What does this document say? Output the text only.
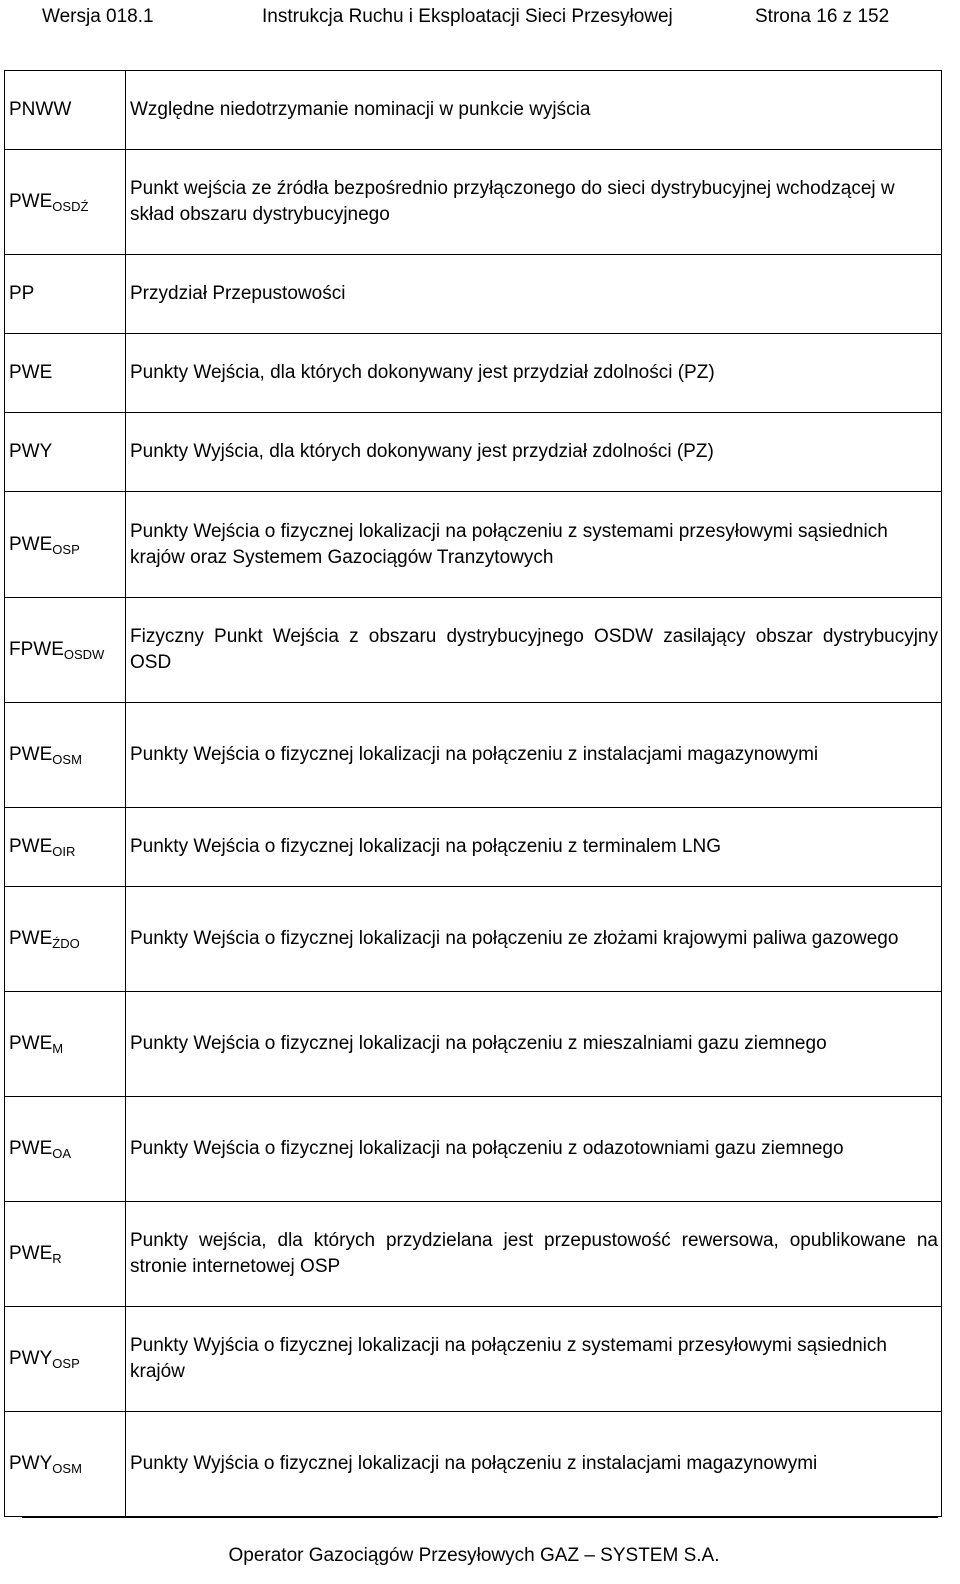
Wersja 018.1	Instrukcja Ruchu i Eksploatacji Sieci Przesyłowej	Strona 16 z 152
PNWW	Względne niedotrzymanie nominacji w punkcie wyjścia
$PWE_{OSDŹ}$	Punkt wejścia ze źródła bezpośrednio przyłączonego do sieci dystrybucyjnej wchodzącej w skład obszaru dystrybucyjnego
PP	Przydział Przepustowości
PWE	Punkty Wejścia, dla których dokonywany jest przydział zdolności (PZ)
PWY	Punkty Wyjścia, dla których dokonywany jest przydział zdolności (PZ)
$PWE_{OSP}$	Punkty Wejścia o fizycznej lokalizacji na połączeniu z systemami przesyłowymi sąsiednich krajów oraz Systemem Gazociągów Tranzytowych
$FPWE_{OSDW}$	Fizyczny Punkt Wejścia z obszaru dystrybucyjnego OSDW zasilający obszar dystrybucyjny OSD
$PWE_{OSM}$	Punkty Wejścia o fizycznej lokalizacji na połączeniu z instalacjami magazynowymi
$PWE_{OIR}$	Punkty Wejścia o fizycznej lokalizacji na połączeniu z terminalem LNG
$PWE_{ŹDO}$	Punkty Wejścia o fizycznej lokalizacji na połączeniu ze złożami krajowymi paliwa gazowego
$PWE_M$	Punkty Wejścia o fizycznej lokalizacji na połączeniu z mieszalniami gazu ziemnego
$PWE_{OA}$	Punkty Wejścia o fizycznej lokalizacji na połączeniu z odazotowniami gazu ziemnego
$PWE_R$	Punkty wejścia, dla których przydzielana jest przepustowość rewersowa, opublikowane na stronie internetowej OSP
$PWY_{OSP}$	Punkty Wyjścia o fizycznej lokalizacji na połączeniu z systemami przesyłowymi sąsiednich krajów
$PWY_{OSM}$	Punkty Wyjścia o fizycznej lokalizacji na połączeniu z instalacjami magazynowymi
Operator Gazociągów Przesyłowych GAZ – SYSTEM S.A.
